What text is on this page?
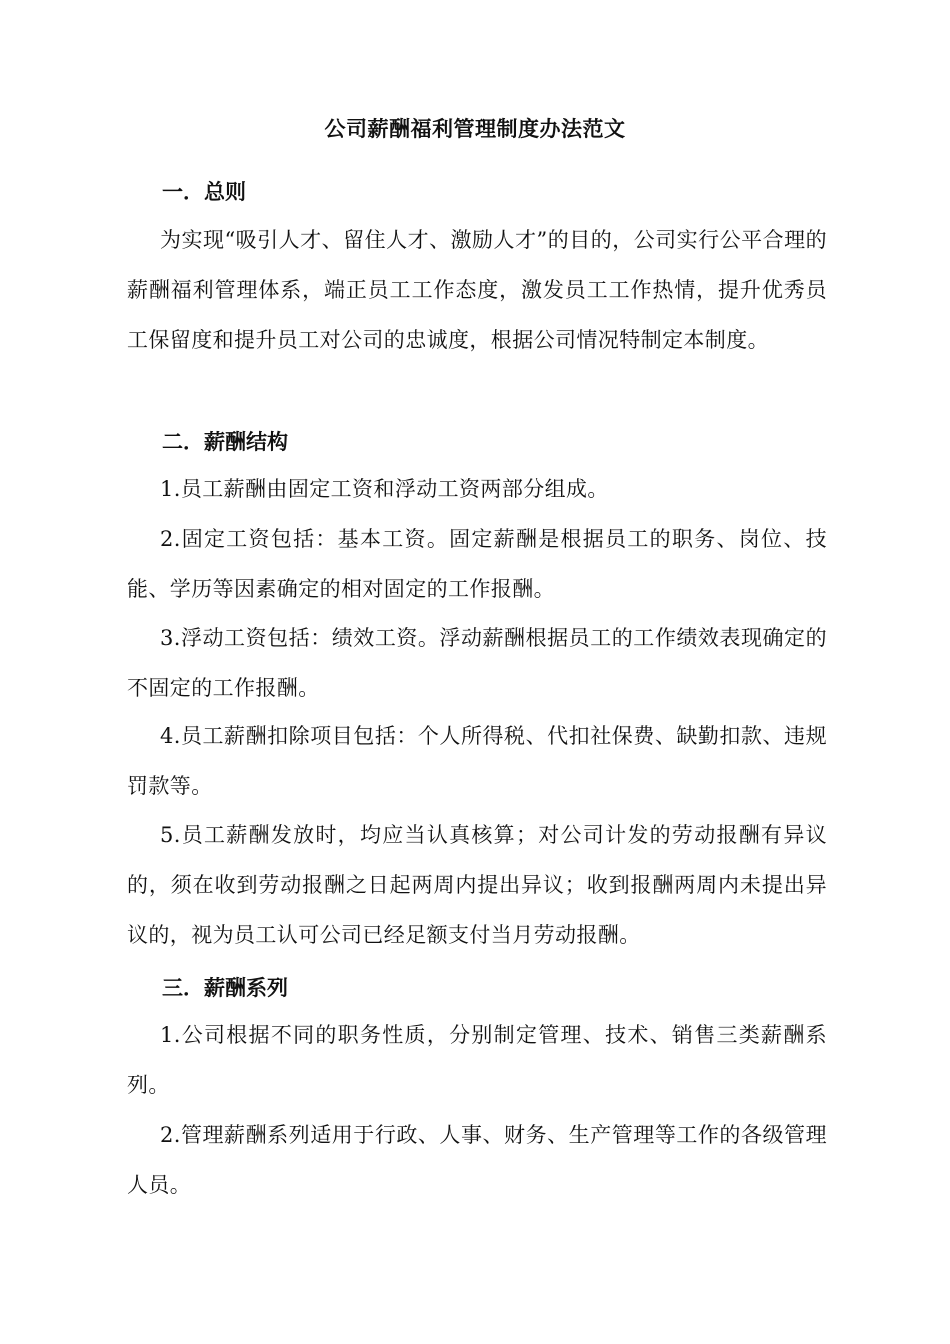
公司薪酬福利管理制度办法范文
一．总则
为实现“吸引人才、留住人才、激励人才”的目的，公司实行公平合理的薪酬福利管理体系，端正员工工作态度，激发员工工作热情，提升优秀员工保留度和提升员工对公司的忠诚度，根据公司情况特制定本制度。
二．薪酬结构
1.员工薪酬由固定工资和浮动工资两部分组成。
2.固定工资包括：基本工资。固定薪酬是根据员工的职务、岗位、技能、学历等因素确定的相对固定的工作报酬。
3.浮动工资包括：绩效工资。浮动薪酬根据员工的工作绩效表现确定的不固定的工作报酬。
4.员工薪酬扣除项目包括：个人所得税、代扣社保费、缺勤扣款、违规罚款等。
5.员工薪酬发放时，均应当认真核算；对公司计发的劳动报酬有异议的，须在收到劳动报酬之日起两周内提出异议；收到报酬两周内未提出异议的，视为员工认可公司已经足额支付当月劳动报酬。
三．薪酬系列
1.公司根据不同的职务性质，分别制定管理、技术、销售三类薪酬系列。
2.管理薪酬系列适用于行政、人事、财务、生产管理等工作的各级管理人员。
